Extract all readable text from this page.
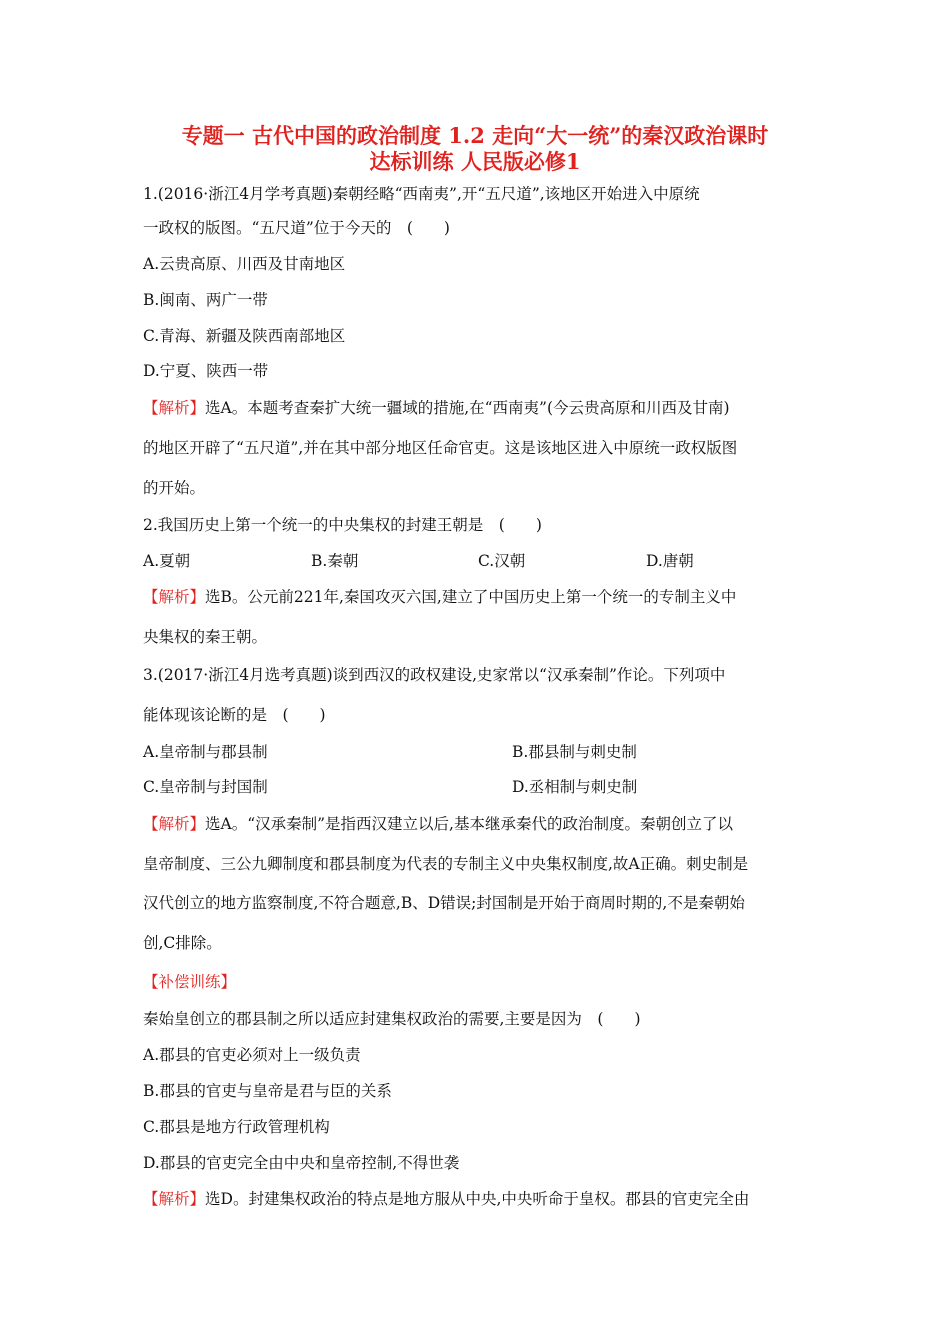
专题一 古代中国的政治制度 1.2 走向“大一统”的秦汉政治课时
达标训练 人民版必修1
1.(2016·浙江4月学考真题)秦朝经略“西南夷”,开“五尺道”,该地区开始进入中原统
一政权的版图。“五尺道”位于今天的　(　　)
A.云贵高原、川西及甘南地区
B.闽南、两广一带
C.青海、新疆及陕西南部地区
D.宁夏、陕西一带
【解析】选A。本题考查秦扩大统一疆域的措施,在“西南夷”(今云贵高原和川西及甘南)
的地区开辟了“五尺道”,并在其中部分地区任命官吏。这是该地区进入中原统一政权版图
的开始。
2.我国历史上第一个统一的中央集权的封建王朝是　(　　)
A.夏朝	B.秦朝	C.汉朝	D.唐朝
【解析】选B。公元前221年,秦国攻灭六国,建立了中国历史上第一个统一的专制主义中
央集权的秦王朝。
3.(2017·浙江4月选考真题)谈到西汉的政权建设,史家常以“汉承秦制”作论。下列项中
能体现该论断的是　(　　)
A.皇帝制与郡县制	B.郡县制与刺史制
C.皇帝制与封国制	D.丞相制与刺史制
【解析】选A。“汉承秦制”是指西汉建立以后,基本继承秦代的政治制度。秦朝创立了以
皇帝制度、三公九卿制度和郡县制度为代表的专制主义中央集权制度,故A正确。刺史制是
汉代创立的地方监察制度,不符合题意,B、D错误;封国制是开始于商周时期的,不是秦朝始
创,C排除。
【补偿训练】
秦始皇创立的郡县制之所以适应封建集权政治的需要,主要是因为　(　　)
A.郡县的官吏必须对上一级负责
B.郡县的官吏与皇帝是君与臣的关系
C.郡县是地方行政管理机构
D.郡县的官吏完全由中央和皇帝控制,不得世袭
【解析】选D。封建集权政治的特点是地方服从中央,中央听命于皇权。郡县的官吏完全由
